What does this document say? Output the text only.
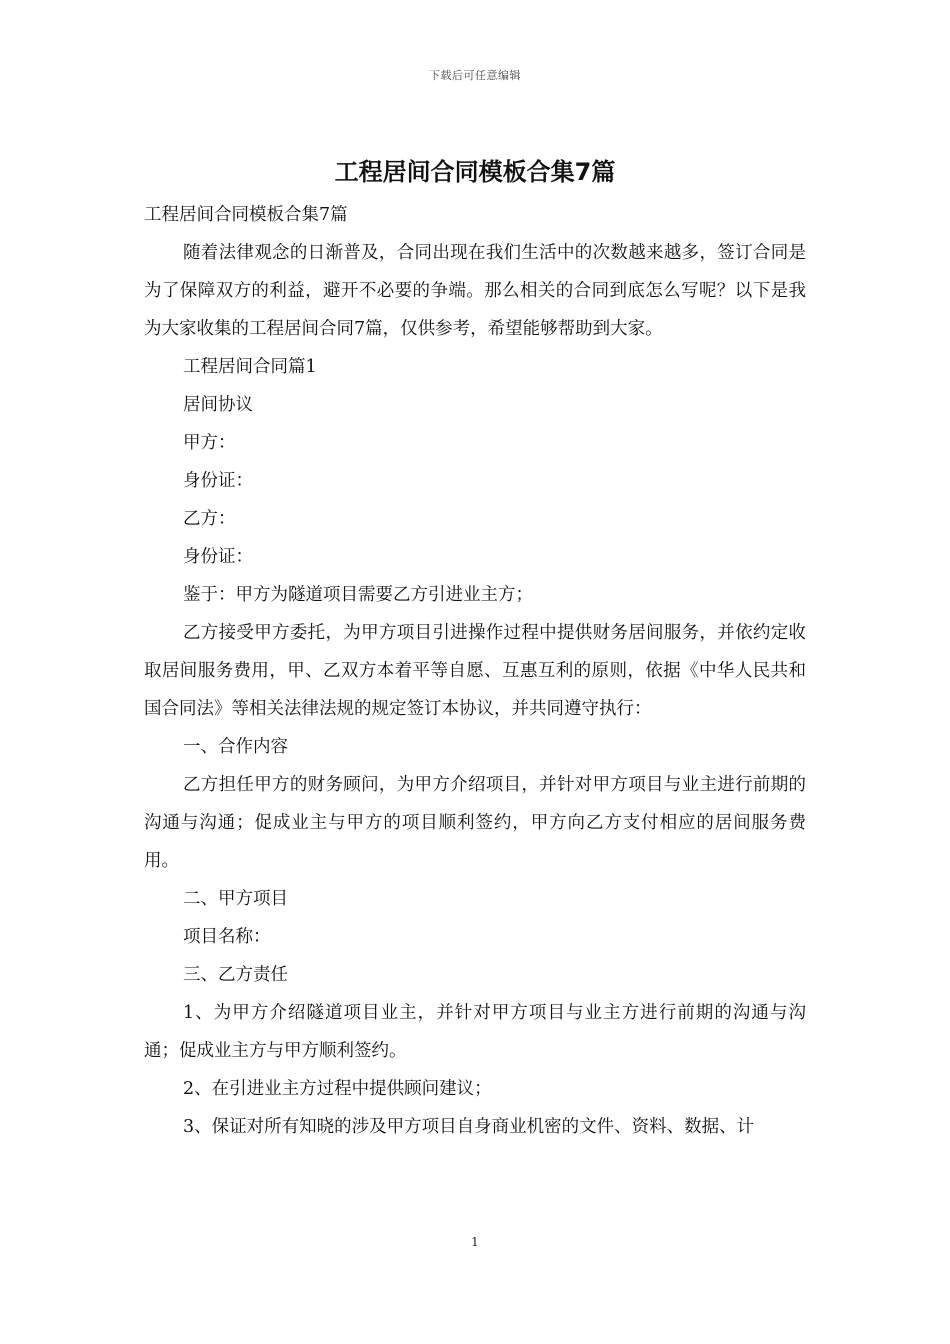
下载后可任意编辑
工程居间合同模板合集7篇

工程居间合同模板合集7篇

随着法律观念的日渐普及，合同出现在我们生活中的次数越来越多，签订合同是为了保障双方的利益，避开不必要的争端。那么相关的合同到底怎么写呢？以下是我为大家收集的工程居间合同7篇，仅供参考，希望能够帮助到大家。

工程居间合同篇1

居间协议

甲方：

身份证：

乙方：

身份证：

鉴于：甲方为隧道项目需要乙方引进业主方；

乙方接受甲方委托，为甲方项目引进操作过程中提供财务居间服务，并依约定收取居间服务费用，甲、乙双方本着平等自愿、互惠互利的原则，依据《中华人民共和国合同法》等相关法律法规的规定签订本协议，并共同遵守执行：

一、合作内容

乙方担任甲方的财务顾问，为甲方介绍项目，并针对甲方项目与业主进行前期的沟通与沟通；促成业主与甲方的项目顺利签约，甲方向乙方支付相应的居间服务费用。

二、甲方项目

项目名称：

三、乙方责任

1、为甲方介绍隧道项目业主，并针对甲方项目与业主方进行前期的沟通与沟通；促成业主方与甲方顺利签约。

2、在引进业主方过程中提供顾问建议；

3、保证对所有知晓的涉及甲方项目自身商业机密的文件、资料、数据、计

1
